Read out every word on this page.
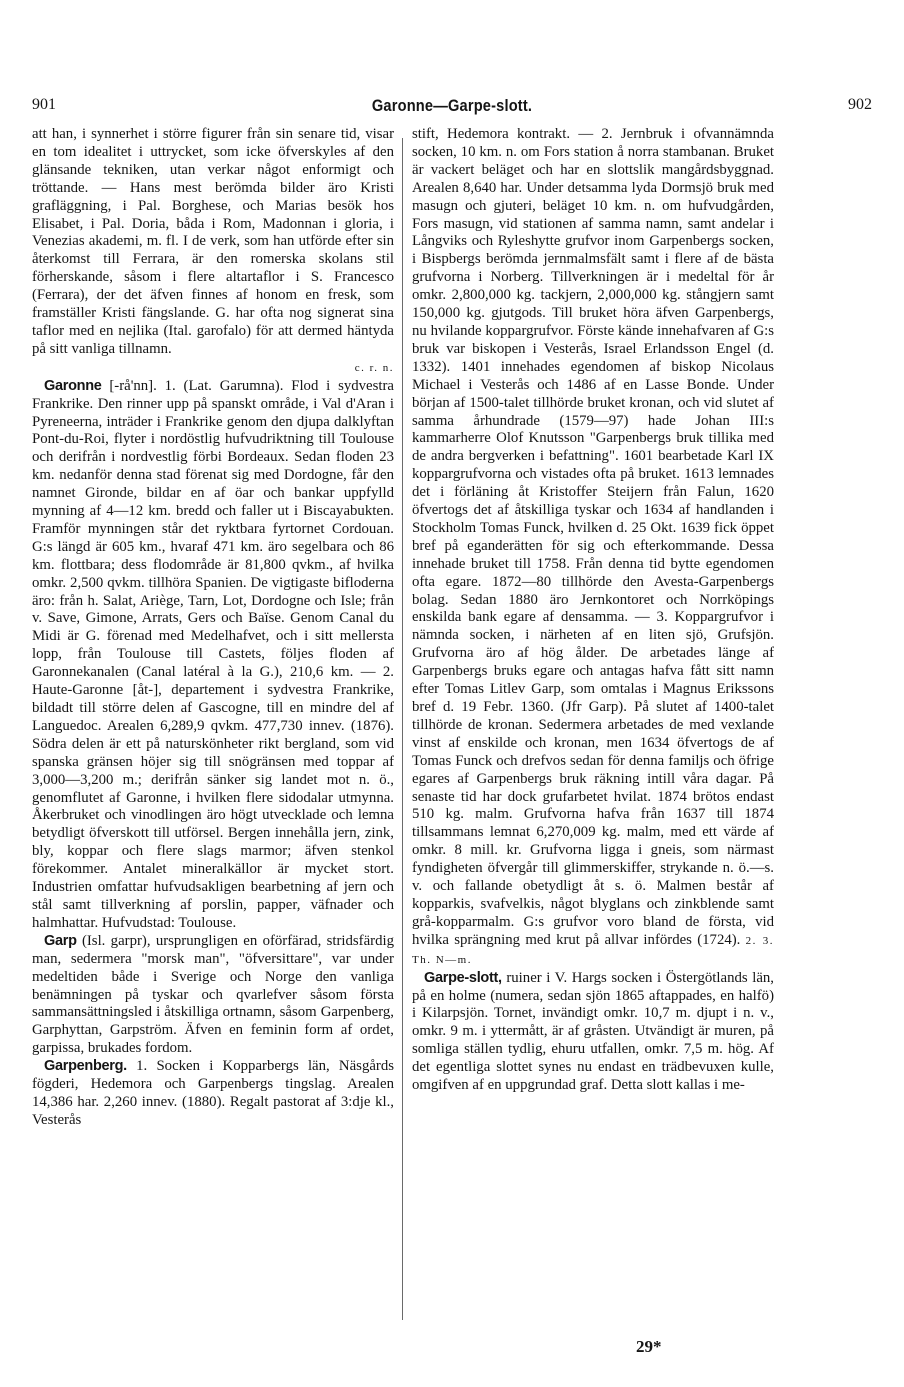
901	Garonne—Garpe-slott.	902

att han, i synnerhet i större figurer från sin senare tid, visar en tom idealitet i uttrycket, som icke öfverskyles af den glänsande tekniken, utan verkar något enformigt och tröttande. — Hans mest berömda bilder äro Kristi grafläggning, i Pal. Borghese, och Marias besök hos Elisabet, i Pal. Doria, båda i Rom, Madonnan i gloria, i Venezias akademi, m. fl. I de verk, som han utförde efter sin återkomst till Ferrara, är den romerska skolans stil förherskande, såsom i flere altartaflor i S. Francesco (Ferrara), der det äfven finnes af honom en fresk, som framställer Kristi fängslande. G. har ofta nog signerat sina taflor med en nejlika (Ital. garofalo) för att dermed häntyda på sitt vanliga tillnamn.

c. r. n.

Garonne [-rå'nn]. 1. (Lat. Garumna). Flod i sydvestra Frankrike. Den rinner upp på spanskt område, i Val d'Aran i Pyreneerna, inträder i Frankrike genom den djupa dalklyftan Pont-du-Roi, flyter i nordöstlig hufvudriktning till Toulouse och derifrån i nordvestlig förbi Bordeaux. Sedan floden 23 km. nedanför denna stad förenat sig med Dordogne, får den namnet Gironde, bildar en af öar och bankar uppfylld mynning af 4—12 km. bredd och faller ut i Biscayabukten. Framför mynningen står det ryktbara fyrtornet Cordouan. G:s längd är 605 km., hvaraf 471 km. äro segelbara och 86 km. flottbara; dess flodområde är 81,800 qvkm., af hvilka omkr. 2,500 qvkm. tillhöra Spanien. De vigtigaste bifloderna äro: från h. Salat, Ariège, Tarn, Lot, Dordogne och Isle; från v. Save, Gimone, Arrats, Gers och Baïse. Genom Canal du Midi är G. förenad med Medelhafvet, och i sitt mellersta lopp, från Toulouse till Castets, följes floden af Garonnekanalen (Canal latéral à la G.), 210,6 km. — 2. Haute-Garonne [åt-], departement i sydvestra Frankrike, bildadt till större delen af Gascogne, till en mindre del af Languedoc. Arealen 6,289,9 qvkm. 477,730 innev. (1876). Södra delen är ett på naturskönheter rikt bergland, som vid spanska gränsen höjer sig till snögränsen med toppar af 3,000—3,200 m.; derifrån sänker sig landet mot n. ö., genomflutet af Garonne, i hvilken flere sidodalar utmynna. Åkerbruket och vinodlingen äro högt utvecklade och lemna betydligt öfverskott till utförsel. Bergen innehålla jern, zink, bly, koppar och flere slags marmor; äfven stenkol förekommer. Antalet mineralkällor är mycket stort. Industrien omfattar hufvudsakligen bearbetning af jern och stål samt tillverkning af porslin, papper, väfnader och halmhattar. Hufvudstad: Toulouse.

Garp (Isl. garpr), ursprungligen en oförfärad, stridsfärdig man, sedermera "morsk man", "öfversittare", var under medeltiden både i Sverige och Norge den vanliga benämningen på tyskar och qvarlefver såsom första sammansättningsled i åtskilliga ortnamn, såsom Garpenberg, Garphyttan, Garpström. Äfven en feminin form af ordet, garpissa, brukades fordom.

Garpenberg. 1. Socken i Kopparbergs län, Näsgårds fögderi, Hedemora och Garpenbergs tingslag. Arealen 14,386 har. 2,260 innev. (1880). Regalt pastorat af 3:dje kl., Vesterås

stift, Hedemora kontrakt. — 2. Jernbruk i ofvannämnda socken, 10 km. n. om Fors station å norra stambanan. Bruket är vackert beläget och har en slottslik mangårdsbyggnad. Arealen 8,640 har. Under detsamma lyda Dormsjö bruk med masugn och gjuteri, beläget 10 km. n. om hufvudgården, Fors masugn, vid stationen af samma namn, samt andelar i Långviks och Ryleshytte grufvor inom Garpenbergs socken, i Bispbergs berömda jernmalmsfält samt i flere af de bästa grufvorna i Norberg. Tillverkningen är i medeltal för år omkr. 2,800,000 kg. tackjern, 2,000,000 kg. stångjern samt 150,000 kg. gjutgods. Till bruket höra äfven Garpenbergs, nu hvilande koppargrufvor. Förste kände innehafvaren af G:s bruk var biskopen i Vesterås, Israel Erlandsson Engel (d. 1332). 1401 innehades egendomen af biskop Nicolaus Michael i Vesterås och 1486 af en Lasse Bonde. Under början af 1500-talet tillhörde bruket kronan, och vid slutet af samma århundrade (1579—97) hade Johan III:s kammarherre Olof Knutsson "Garpenbergs bruk tillika med de andra bergverken i befattning". 1601 bearbetade Karl IX koppargrufvorna och vistades ofta på bruket. 1613 lemnades det i förläning åt Kristoffer Steijern från Falun, 1620 öfvertogs det af åtskilliga tyskar och 1634 af handlanden i Stockholm Tomas Funck, hvilken d. 25 Okt. 1639 fick öppet bref på eganderätten för sig och efterkommande. Dessa innehade bruket till 1758. Från denna tid bytte egendomen ofta egare. 1872—80 tillhörde den Avesta-Garpenbergs bolag. Sedan 1880 äro Jernkontoret och Norrköpings enskilda bank egare af densamma. — 3. Koppargrufvor i nämnda socken, i närheten af en liten sjö, Grufsjön. Grufvorna äro af hög ålder. De arbetades länge af Garpenbergs bruks egare och antagas hafva fått sitt namn efter Tomas Litlev Garp, som omtalas i Magnus Erikssons bref d. 19 Febr. 1360. (Jfr Garp). På slutet af 1400-talet tillhörde de kronan. Sedermera arbetades de med vexlande vinst af enskilde och kronan, men 1634 öfvertogs de af Tomas Funck och drefvos sedan för denna familjs och öfrige egares af Garpenbergs bruk räkning intill våra dagar. På senaste tid har dock grufarbetet hvilat. 1874 brötos endast 510 kg. malm. Grufvorna hafva från 1637 till 1874 tillsammans lemnat 6,270,009 kg. malm, med ett värde af omkr. 8 mill. kr. Grufvorna ligga i gneis, som närmast fyndigheten öfvergår till glimmerskiffer, strykande n. ö.—s. v. och fallande obetydligt åt s. ö. Malmen består af kopparkis, svafvelkis, något blyglans och zinkblende samt grå-kopparmalm. G:s grufvor voro bland de första, vid hvilka sprängning med krut på allvar infördes (1724). 2. 3. Th. N—m.

Garpe-slott, ruiner i V. Hargs socken i Östergötlands län, på en holme (numera, sedan sjön 1865 aftappades, en halfö) i Kilarpsjön. Tornet, invändigt omkr. 10,7 m. djupt i n. v., omkr. 9 m. i yttermått, är af gråsten. Utvändigt är muren, på somliga ställen tydlig, ehuru utfallen, omkr. 7,5 m. hög. Af det egentliga slottet synes nu endast en trädbevuxen kulle, omgifven af en uppgrundad graf. Detta slott kallas i me-

29*
